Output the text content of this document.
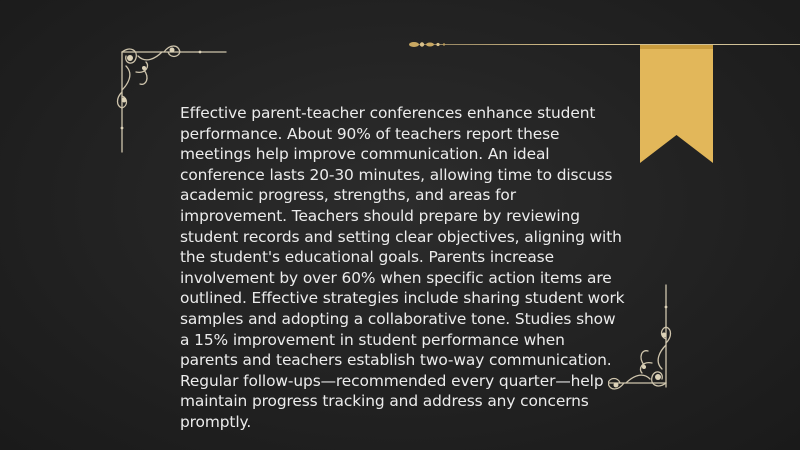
Effective parent-teacher conferences enhance student performance. About 90% of teachers report these meetings help improve communication. An ideal conference lasts 20-30 minutes, allowing time to discuss academic progress, strengths, and areas for improvement. Teachers should prepare by reviewing student records and setting clear objectives, aligning with the student's educational goals. Parents increase involvement by over 60% when specific action items are outlined. Effective strategies include sharing student work samples and adopting a collaborative tone. Studies show a 15% improvement in student performance when parents and teachers establish two-way communication. Regular follow-ups—recommended every quarter—help maintain progress tracking and address any concerns promptly.
